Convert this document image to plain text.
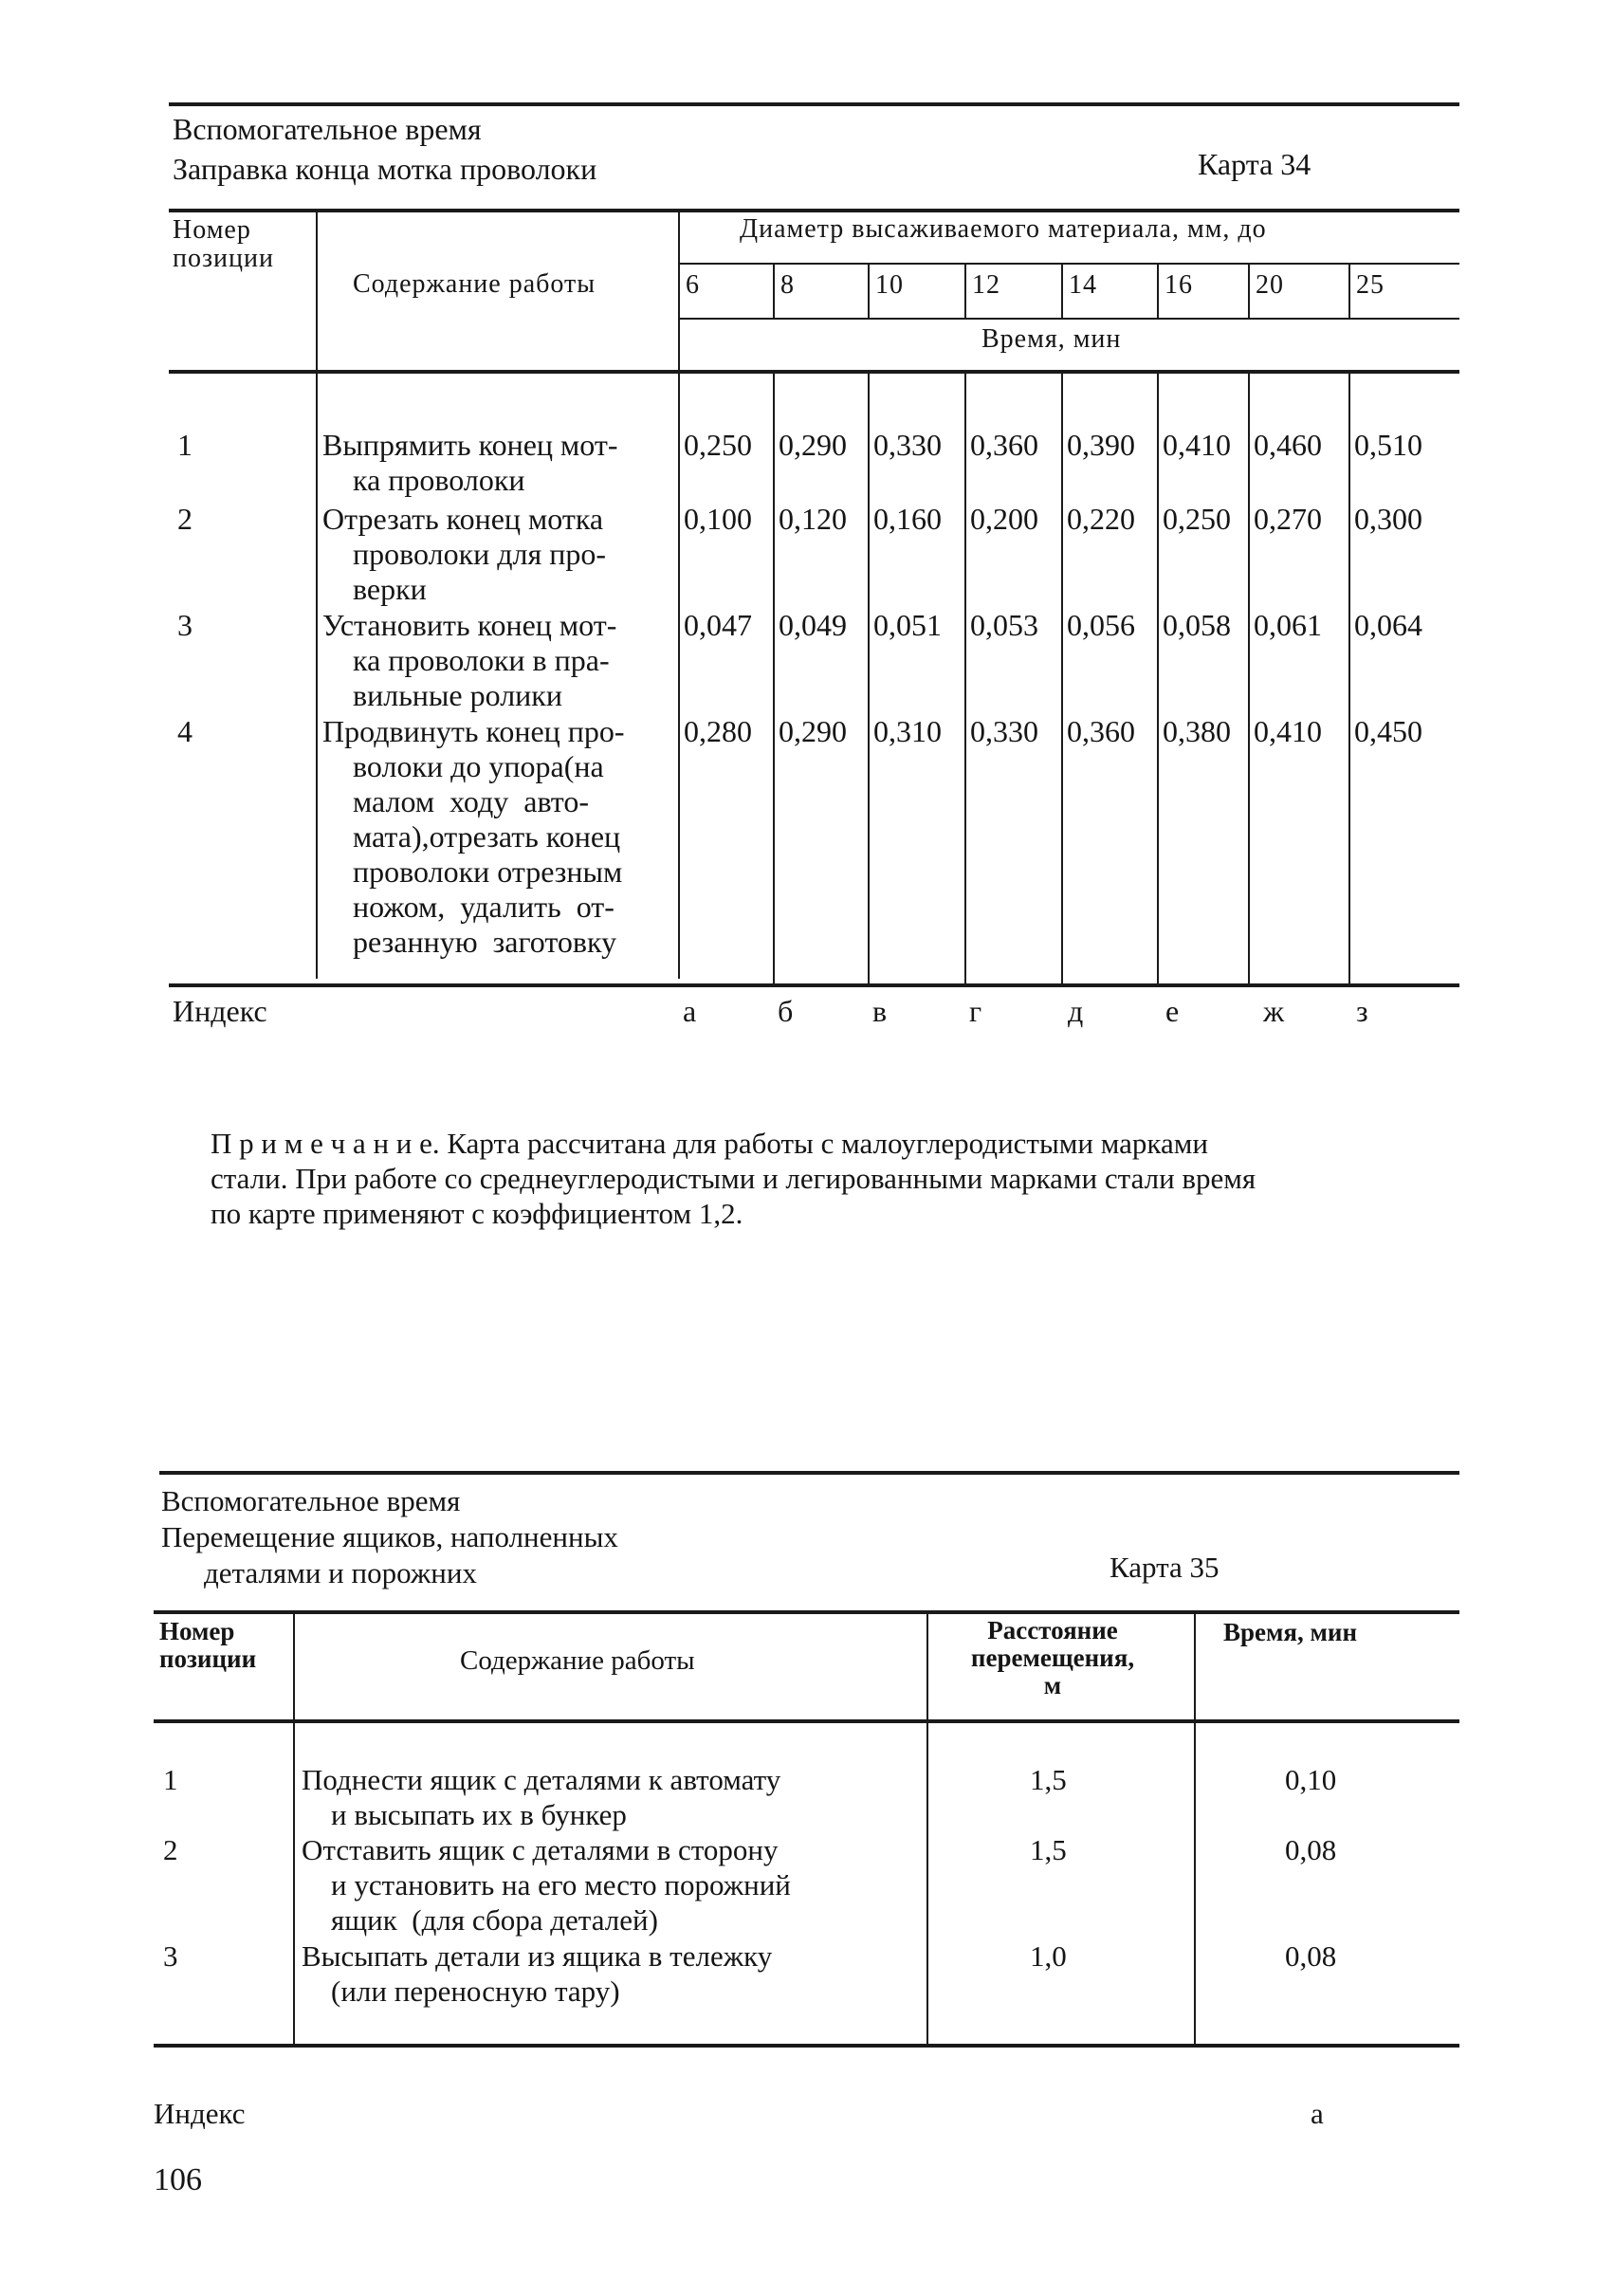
Вспомогательное время
Заправка конца мотка проволоки	Карта 34
Номер
позиции
Содержание работы
Диаметр высаживаемого материала, мм, до
6	8	10	12	14	16 20	25
Время, мин
1	Выпрямить конец мот-
ка проволоки
0,250 0,290 0,330 0,360 0,390 0,410 0,460 0,510
2	Отрезать конец мотка
проволоки для про-
верки
0,100 0,120 0,160 0,200 0,220 0,250 0,270 0,300
3	Установить конец мот-
ка проволоки в пра-
вильные ролики
0,047 0,049 0,051 0,053 0,056 0,058 0,061 0,064
4	Продвинуть конец про-
волоки до упора(на
малом  ходу  авто-
мата),отрезать конец
проволоки отрезным
ножом,  удалить  от-
резанную  заготовку
0,280 0,290 0,310 0,330 0,360 0,380 0,410 0,450
Индекс	а	б	в	г	д	е	ж з
П р и м е ч а н и е. Карта рассчитана для работы с малоуглеродистыми марками
стали. При работе со среднеуглеродистыми и легированными марками стали время
по карте применяют с коэффициентом 1,2.
Вспомогательное время
Перемещение ящиков, наполненных
деталями и порожних	Карта 35
Номер
позиции	Содержание работы
Расстояние
перемещения,
м
Время, мин
1	Поднести ящик с деталями к автомату
и высыпать их в бункер
1,5	0,10
2	Отставить ящик с деталями в сторону
и установить на его место порожний
ящик  (для сбора деталей)
1,5	0,08
3	Высыпать детали из ящика в тележку
(или переносную тару)
1,0	0,08
Индекс	а
106
